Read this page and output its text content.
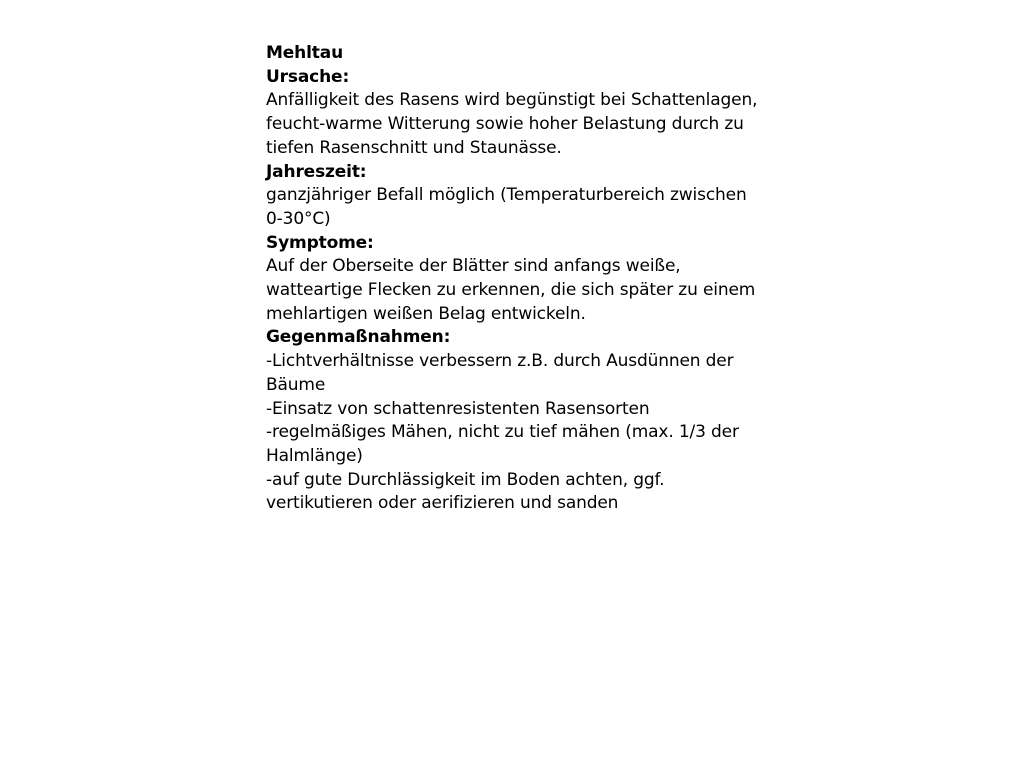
Mehltau
Ursache:
Anfälligkeit des Rasens wird begünstigt bei Schattenlagen, feucht-warme Witterung sowie hoher Belastung durch zu tiefen Rasenschnitt und Staunässe.
Jahreszeit:
ganzjähriger Befall möglich (Temperaturbereich zwischen 0-30°C)
Symptome:
Auf der Oberseite der Blätter sind anfangs weiße, watteartige Flecken zu erkennen, die sich später zu einem mehlartigen weißen Belag entwickeln.
Gegenmaßnahmen:
-Lichtverhältnisse verbessern z.B. durch Ausdünnen der Bäume
-Einsatz von schattenresistenten Rasensorten
-regelmäßiges Mähen, nicht zu tief mähen (max. 1/3 der Halmlänge)
-auf gute Durchlässigkeit im Boden achten, ggf. vertikutieren oder aerifizieren und sanden
